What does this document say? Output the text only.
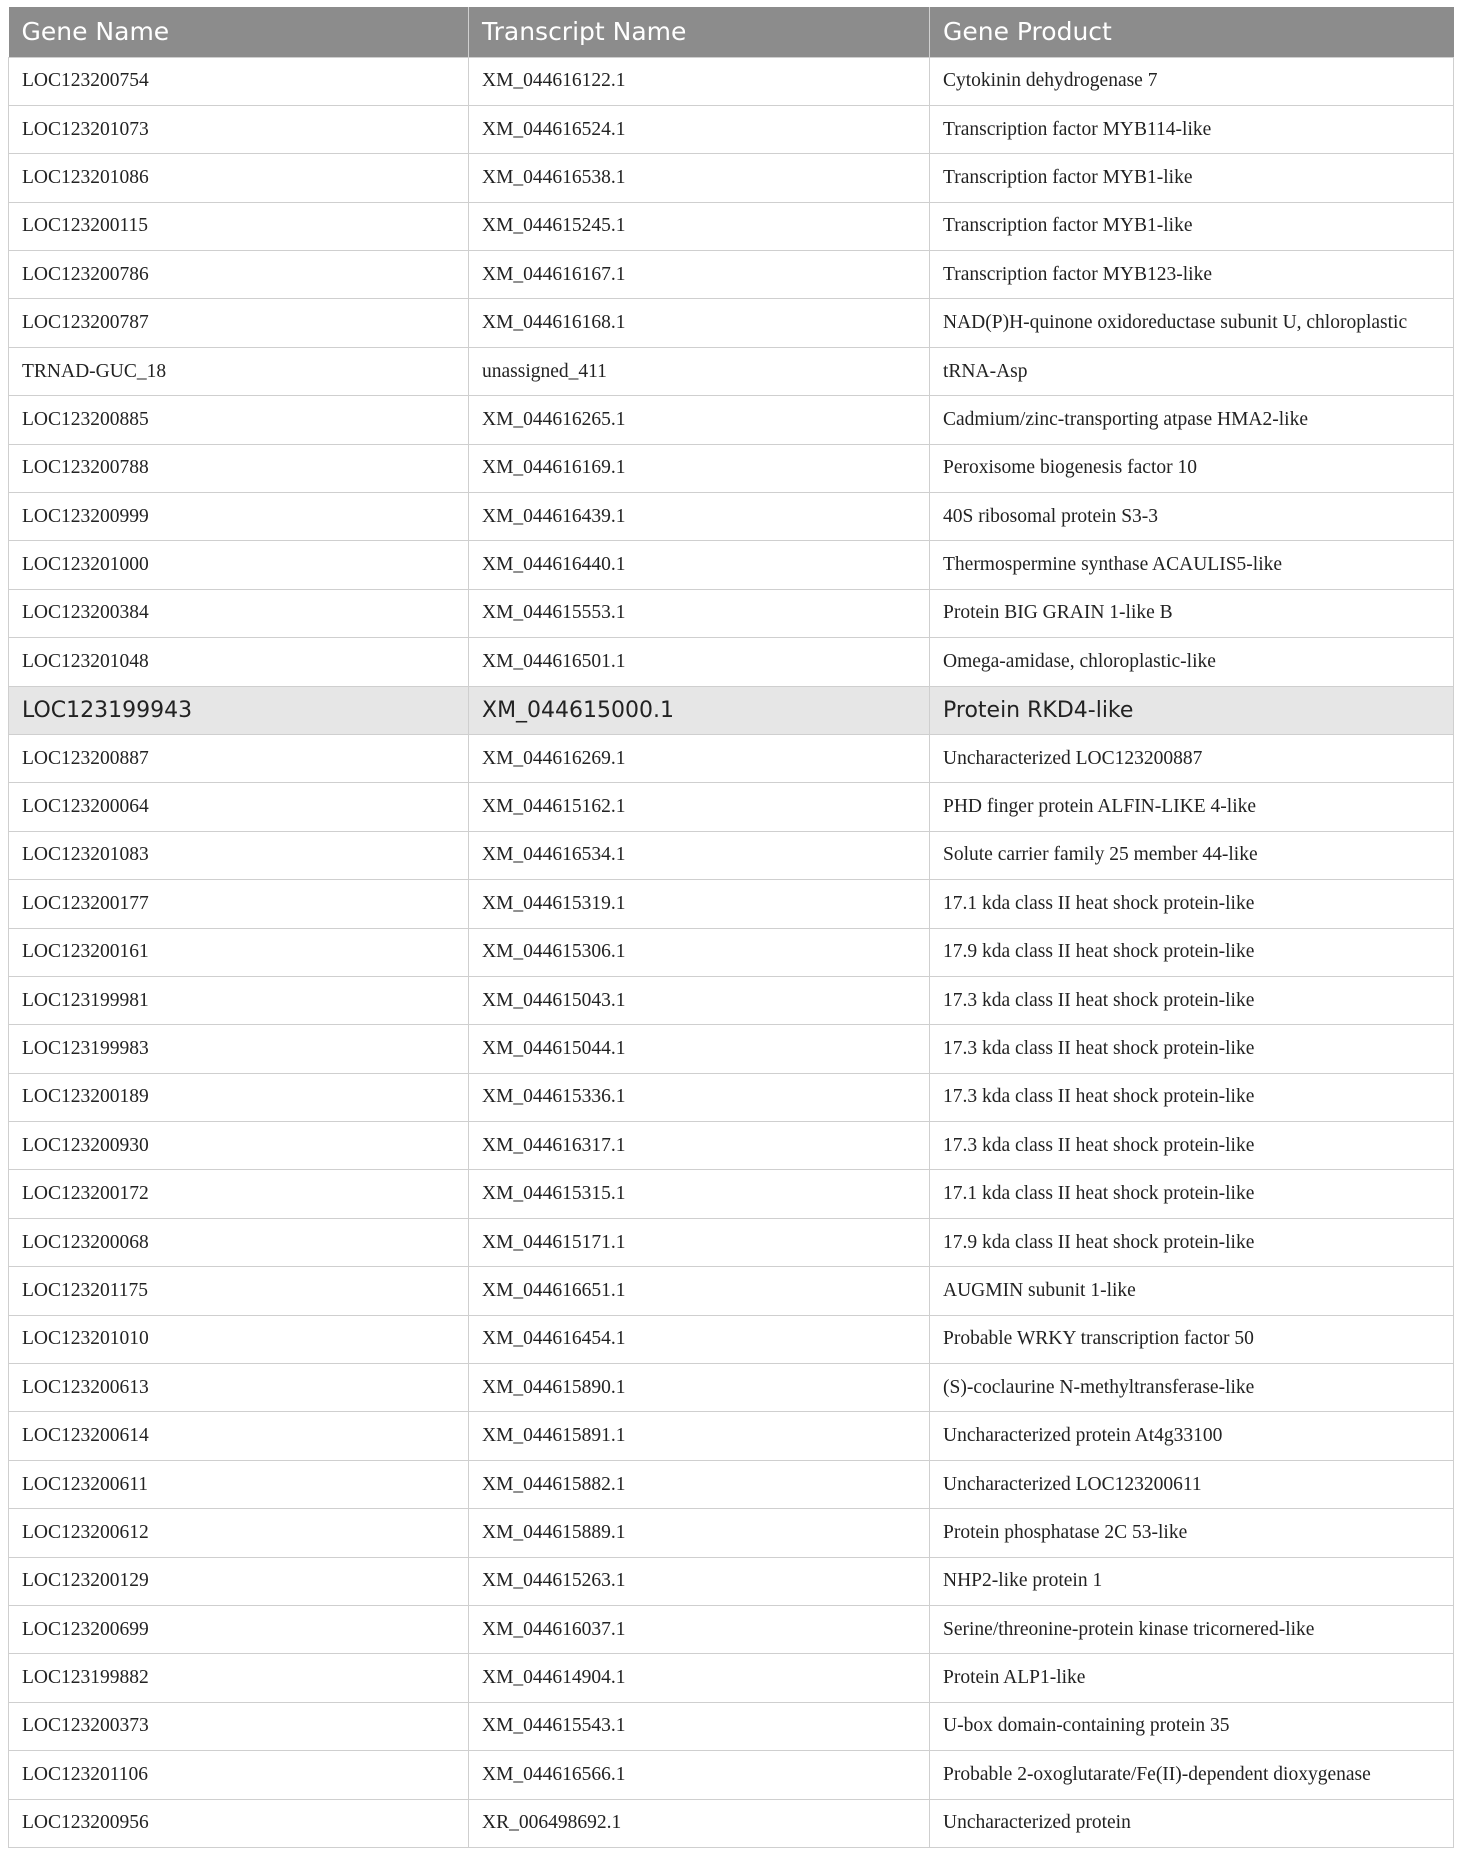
Gene Name	Transcript Name	Gene Product
LOC123200754	XM_044616122.1	Cytokinin dehydrogenase 7
LOC123201073	XM_044616524.1	Transcription factor MYB114-like
LOC123201086	XM_044616538.1	Transcription factor MYB1-like
LOC123200115	XM_044615245.1	Transcription factor MYB1-like
LOC123200786	XM_044616167.1	Transcription factor MYB123-like
LOC123200787	XM_044616168.1	NAD(P)H-quinone oxidoreductase subunit U, chloroplastic
TRNAD-GUC_18	unassigned_411	tRNA-Asp
LOC123200885	XM_044616265.1	Cadmium/zinc-transporting atpase HMA2-like
LOC123200788	XM_044616169.1	Peroxisome biogenesis factor 10
LOC123200999	XM_044616439.1	40S ribosomal protein S3-3
LOC123201000	XM_044616440.1	Thermospermine synthase ACAULIS5-like
LOC123200384	XM_044615553.1	Protein BIG GRAIN 1-like B
LOC123201048	XM_044616501.1	Omega-amidase, chloroplastic-like
LOC123199943	XM_044615000.1	Protein RKD4-like
LOC123200887	XM_044616269.1	Uncharacterized LOC123200887
LOC123200064	XM_044615162.1	PHD finger protein ALFIN-LIKE 4-like
LOC123201083	XM_044616534.1	Solute carrier family 25 member 44-like
LOC123200177	XM_044615319.1	17.1 kda class II heat shock protein-like
LOC123200161	XM_044615306.1	17.9 kda class II heat shock protein-like
LOC123199981	XM_044615043.1	17.3 kda class II heat shock protein-like
LOC123199983	XM_044615044.1	17.3 kda class II heat shock protein-like
LOC123200189	XM_044615336.1	17.3 kda class II heat shock protein-like
LOC123200930	XM_044616317.1	17.3 kda class II heat shock protein-like
LOC123200172	XM_044615315.1	17.1 kda class II heat shock protein-like
LOC123200068	XM_044615171.1	17.9 kda class II heat shock protein-like
LOC123201175	XM_044616651.1	AUGMIN subunit 1-like
LOC123201010	XM_044616454.1	Probable WRKY transcription factor 50
LOC123200613	XM_044615890.1	(S)-coclaurine N-methyltransferase-like
LOC123200614	XM_044615891.1	Uncharacterized protein At4g33100
LOC123200611	XM_044615882.1	Uncharacterized LOC123200611
LOC123200612	XM_044615889.1	Protein phosphatase 2C 53-like
LOC123200129	XM_044615263.1	NHP2-like protein 1
LOC123200699	XM_044616037.1	Serine/threonine-protein kinase tricornered-like
LOC123199882	XM_044614904.1	Protein ALP1-like
LOC123200373	XM_044615543.1	U-box domain-containing protein 35
LOC123201106	XM_044616566.1	Probable 2-oxoglutarate/Fe(II)-dependent dioxygenase
LOC123200956	XR_006498692.1	Uncharacterized protein
